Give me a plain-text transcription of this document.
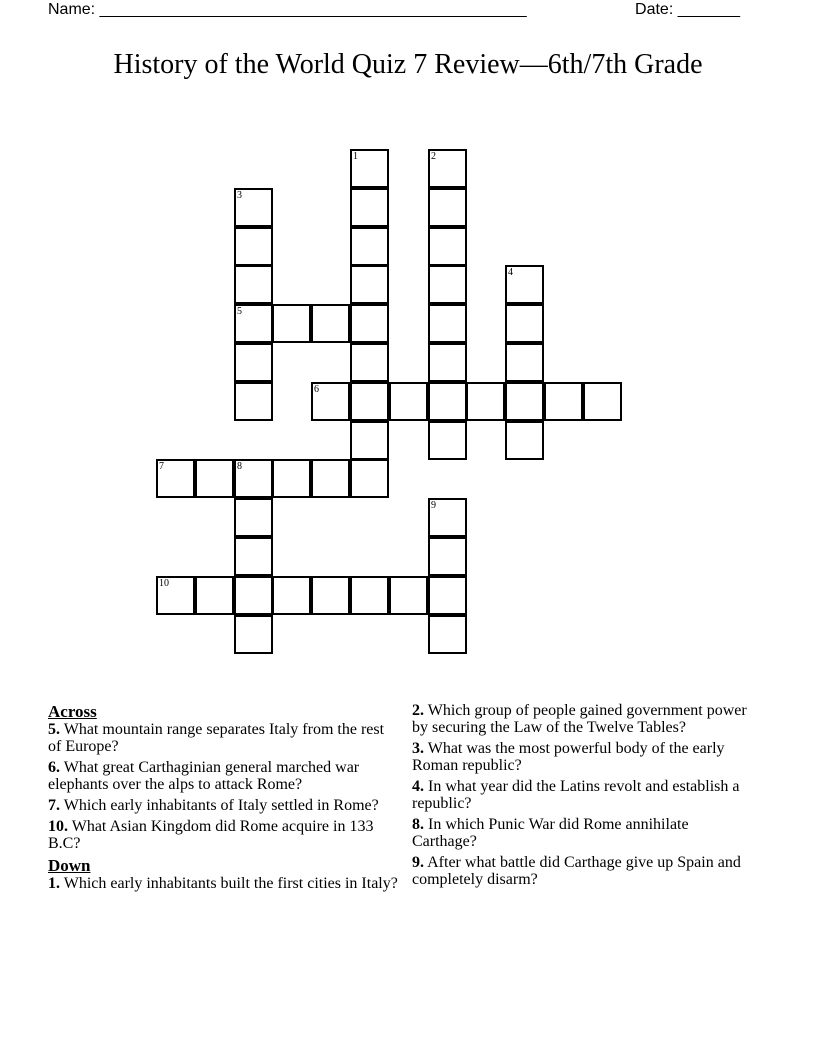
Name: ________________________________________________	Date: _______
History of the World Quiz 7 Review—6th/7th Grade
1	2
3
5
4
6
7	8
9
10
Across
5. What mountain range separates Italy from the rest of Europe?
6. What great Carthaginian general marched war elephants over the alps to attack Rome?
7. Which early inhabitants of Italy settled in Rome?
10. What Asian Kingdom did Rome acquire in 133 B.C?
Down
1. Which early inhabitants built the first cities in Italy?
2. Which group of people gained government power by securing the Law of the Twelve Tables?
3. What was the most powerful body of the early Roman republic?
4. In what year did the Latins revolt and establish a republic?
8. In which Punic War did Rome annihilate Carthage?
9. After what battle did Carthage give up Spain and completely disarm?
